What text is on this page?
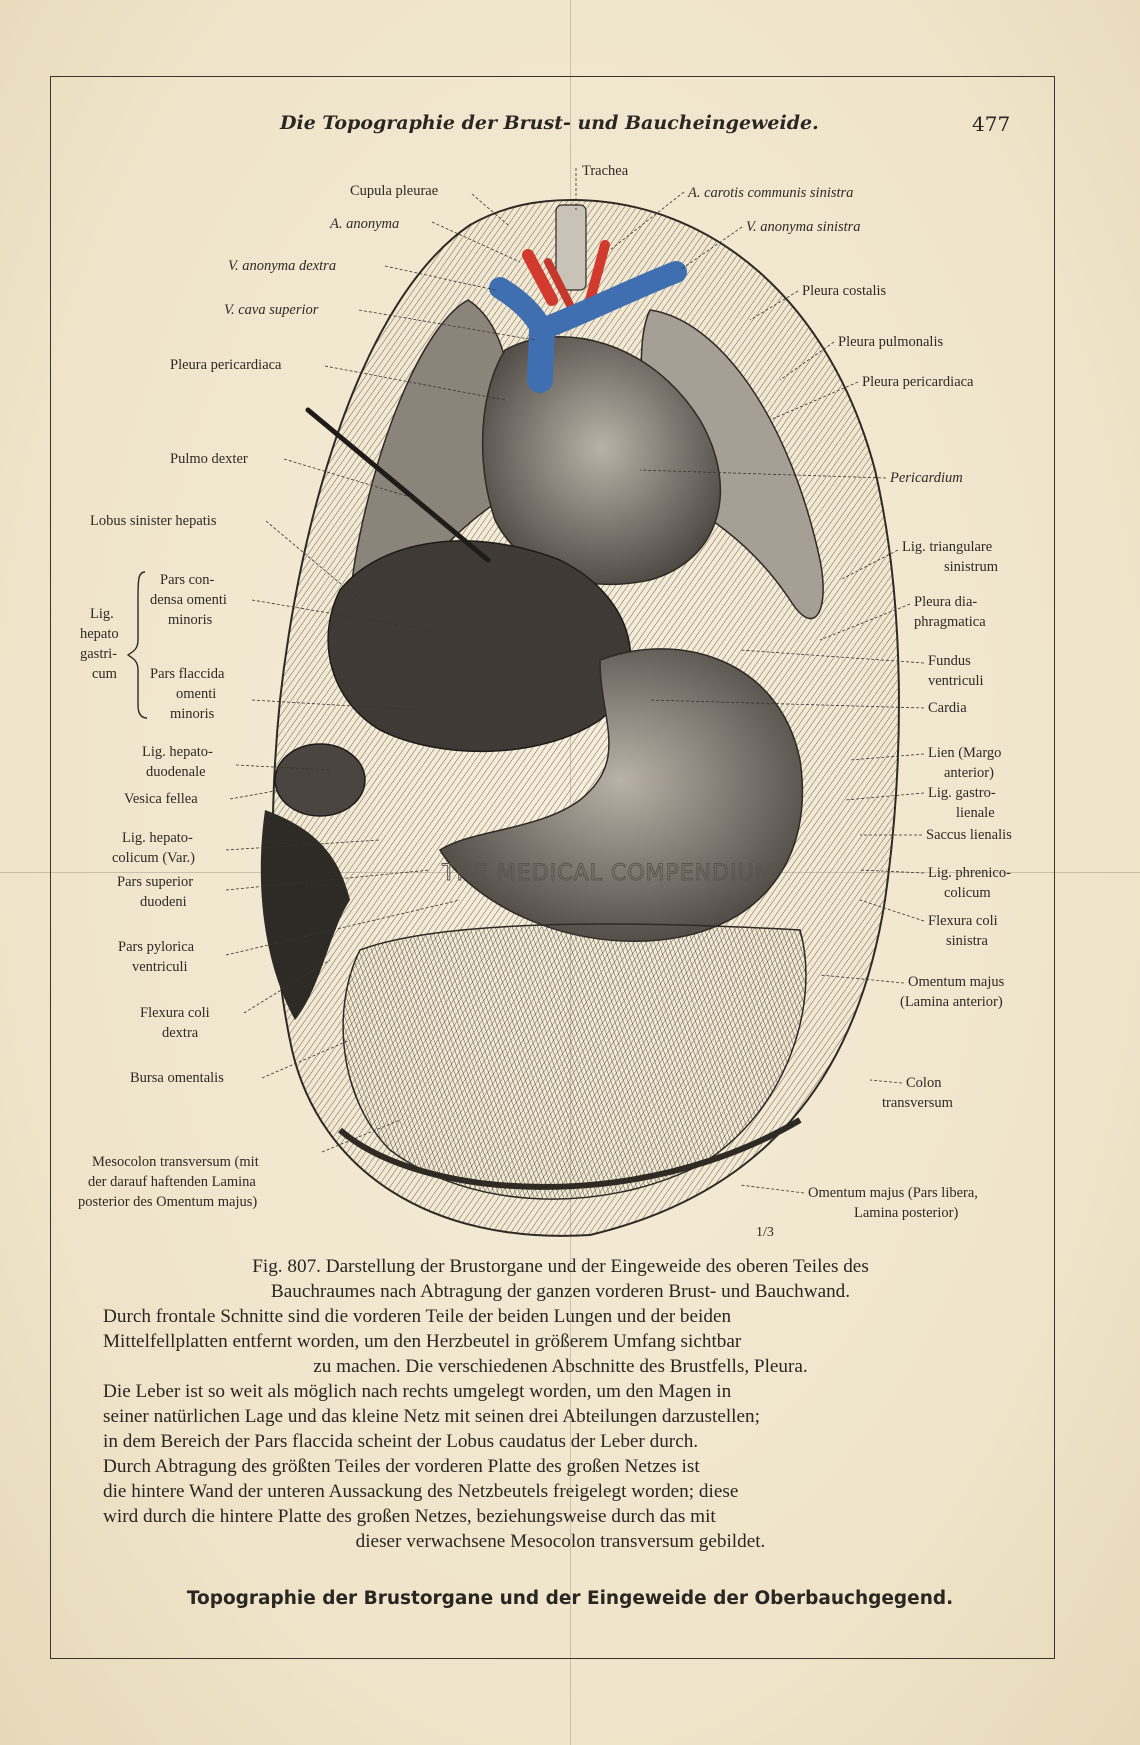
Die Topographie der Brust- und Baucheingeweide.	477
THE MEDICAL COMPENDIUM
Cupula pleurae
A. anonyma
V. anonyma dextra
V. cava superior
Pleura pericardiaca
Pulmo dexter
Lobus sinister hepatis
Pars con-
densa omenti
minoris
Lig.
hepato
gastri-
cum Pars flaccida
omenti
minoris
Lig. hepato-
duodenale
Vesica fellea
Lig. hepato-
colicum (Var.)
Pars superior
duodeni
Pars pylorica
ventriculi
Flexura coli
dextra
Bursa omentalis
Mesocolon transversum (mit
der darauf haftenden Lamina
posterior des Omentum majus)
Trachea
A. carotis communis sinistra
V. anonyma sinistra
Pleura costalis
Pleura pulmonalis
Pleura pericardiaca
Pericardium
Lig. triangulare
sinistrum
Pleura dia-
phragmatica
Fundus
ventriculi
Cardia
Lien (Margo
anterior)
Lig. gastro-
lienale
Saccus lienalis
Lig. phrenico-
colicum
Flexura coli
sinistra
Omentum majus
(Lamina anterior)
Colon
transversum
Omentum majus (Pars libera,
Lamina posterior)
1/3

Fig. 807. Darstellung der Brustorgane und der Eingeweide des oberen Teiles des

Bauchraumes nach Abtragung der ganzen vorderen Brust- und Bauchwand.

Durch frontale Schnitte sind die vorderen Teile der beiden Lungen und der beiden

Mittelfellplatten entfernt worden, um den Herzbeutel in größerem Umfang sichtbar

zu machen. Die verschiedenen Abschnitte des Brustfells, Pleura.

Die Leber ist so weit als möglich nach rechts umgelegt worden, um den Magen in

seiner natürlichen Lage und das kleine Netz mit seinen drei Abteilungen darzustellen;

in dem Bereich der Pars flaccida scheint der Lobus caudatus der Leber durch.

Durch Abtragung des größten Teiles der vorderen Platte des großen Netzes ist

die hintere Wand der unteren Aussackung des Netzbeutels freigelegt worden; diese

wird durch die hintere Platte des großen Netzes, beziehungsweise durch das mit

dieser verwachsene Mesocolon transversum gebildet.

Topographie der Brustorgane und der Eingeweide der Oberbauchgegend.
